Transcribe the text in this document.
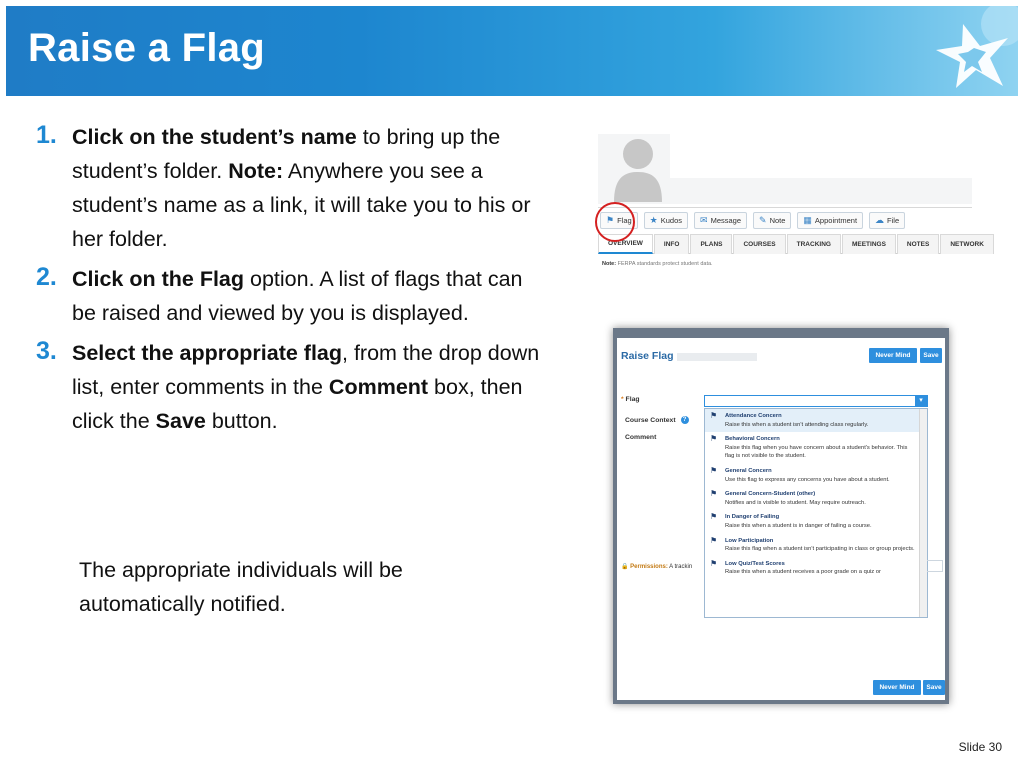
Raise a Flag
1. Click on the student’s name to bring up the student’s folder. Note: Anywhere you see a student’s name as a link, it will take you to his or her folder.
2. Click on the Flag option. A list of flags that can be raised and viewed by you is displayed.
3. Select the appropriate flag, from the drop down list, enter comments in the Comment box, then click the Save button.
The appropriate individuals will be automatically notified.
⚑ Flag ★ Kudos ✉ Message ✎ Note ▦ Appointment ☁ File
OVERVIEW	INFO	PLANS	COURSES	TRACKING	MEETINGS	NOTES	NETWORK
Note: FERPA standards protect student data.
Raise Flag	Never Mind	Save
* Flag
Course Context ?
Comment
▾
⚑ Attendance Concern
Raise this when a student isn't attending class regularly.
⚑ Behavioral Concern
Raise this flag when you have concern about a student's behavior. This flag is not visible to the student.
⚑ General Concern
Use this flag to express any concerns you have about a student.
⚑ General Concern-Student (other)
Notifies and is visible to student. May require outreach.
⚑ In Danger of Failing
Raise this when a student is in danger of failing a course.
⚑ Low Participation
Raise this flag when a student isn't participating in class or group projects.
⚑ Low Quiz/Test Scores
Raise this when a student receives a poor grade on a quiz or
🔒 Permissions: A trackin
Never Mind	Save
Slide 30
